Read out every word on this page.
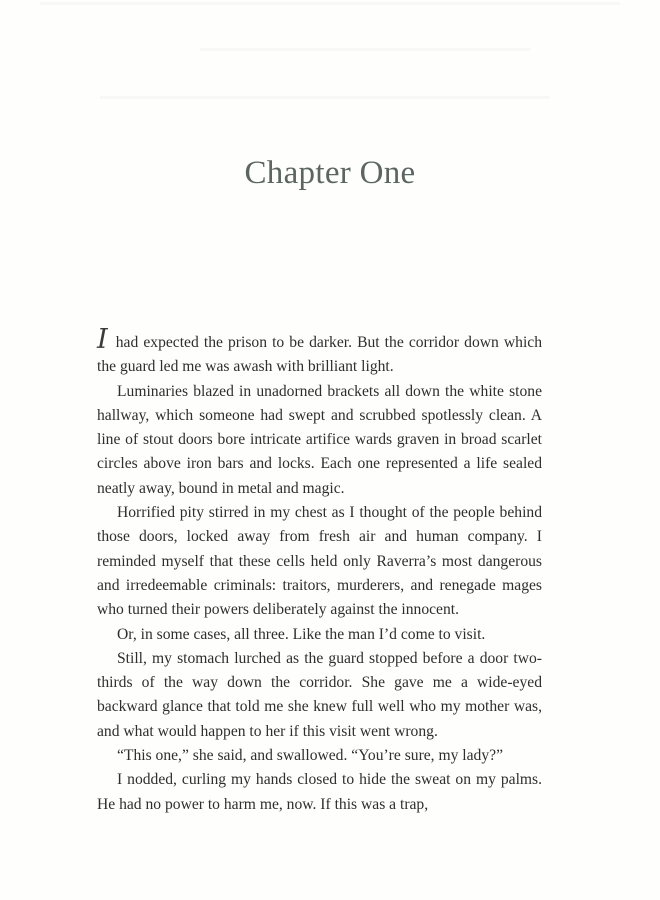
Chapter One

I had expected the prison to be darker. But the corridor down which the guard led me was awash with brilliant light.

Luminaries blazed in unadorned brackets all down the white stone hallway, which someone had swept and scrubbed spotlessly clean. A line of stout doors bore intricate artifice wards graven in broad scarlet circles above iron bars and locks. Each one represented a life sealed neatly away, bound in metal and magic.

Horrified pity stirred in my chest as I thought of the people behind those doors, locked away from fresh air and human company. I reminded myself that these cells held only Raverra’s most dangerous and irredeemable criminals: traitors, murderers, and renegade mages who turned their powers deliberately against the innocent.

Or, in some cases, all three. Like the man I’d come to visit.

Still, my stomach lurched as the guard stopped before a door two-thirds of the way down the corridor. She gave me a wide-eyed backward glance that told me she knew full well who my mother was, and what would happen to her if this visit went wrong.

“This one,” she said, and swallowed. “You’re sure, my lady?”

I nodded, curling my hands closed to hide the sweat on my palms. He had no power to harm me, now. If this was a trap,
